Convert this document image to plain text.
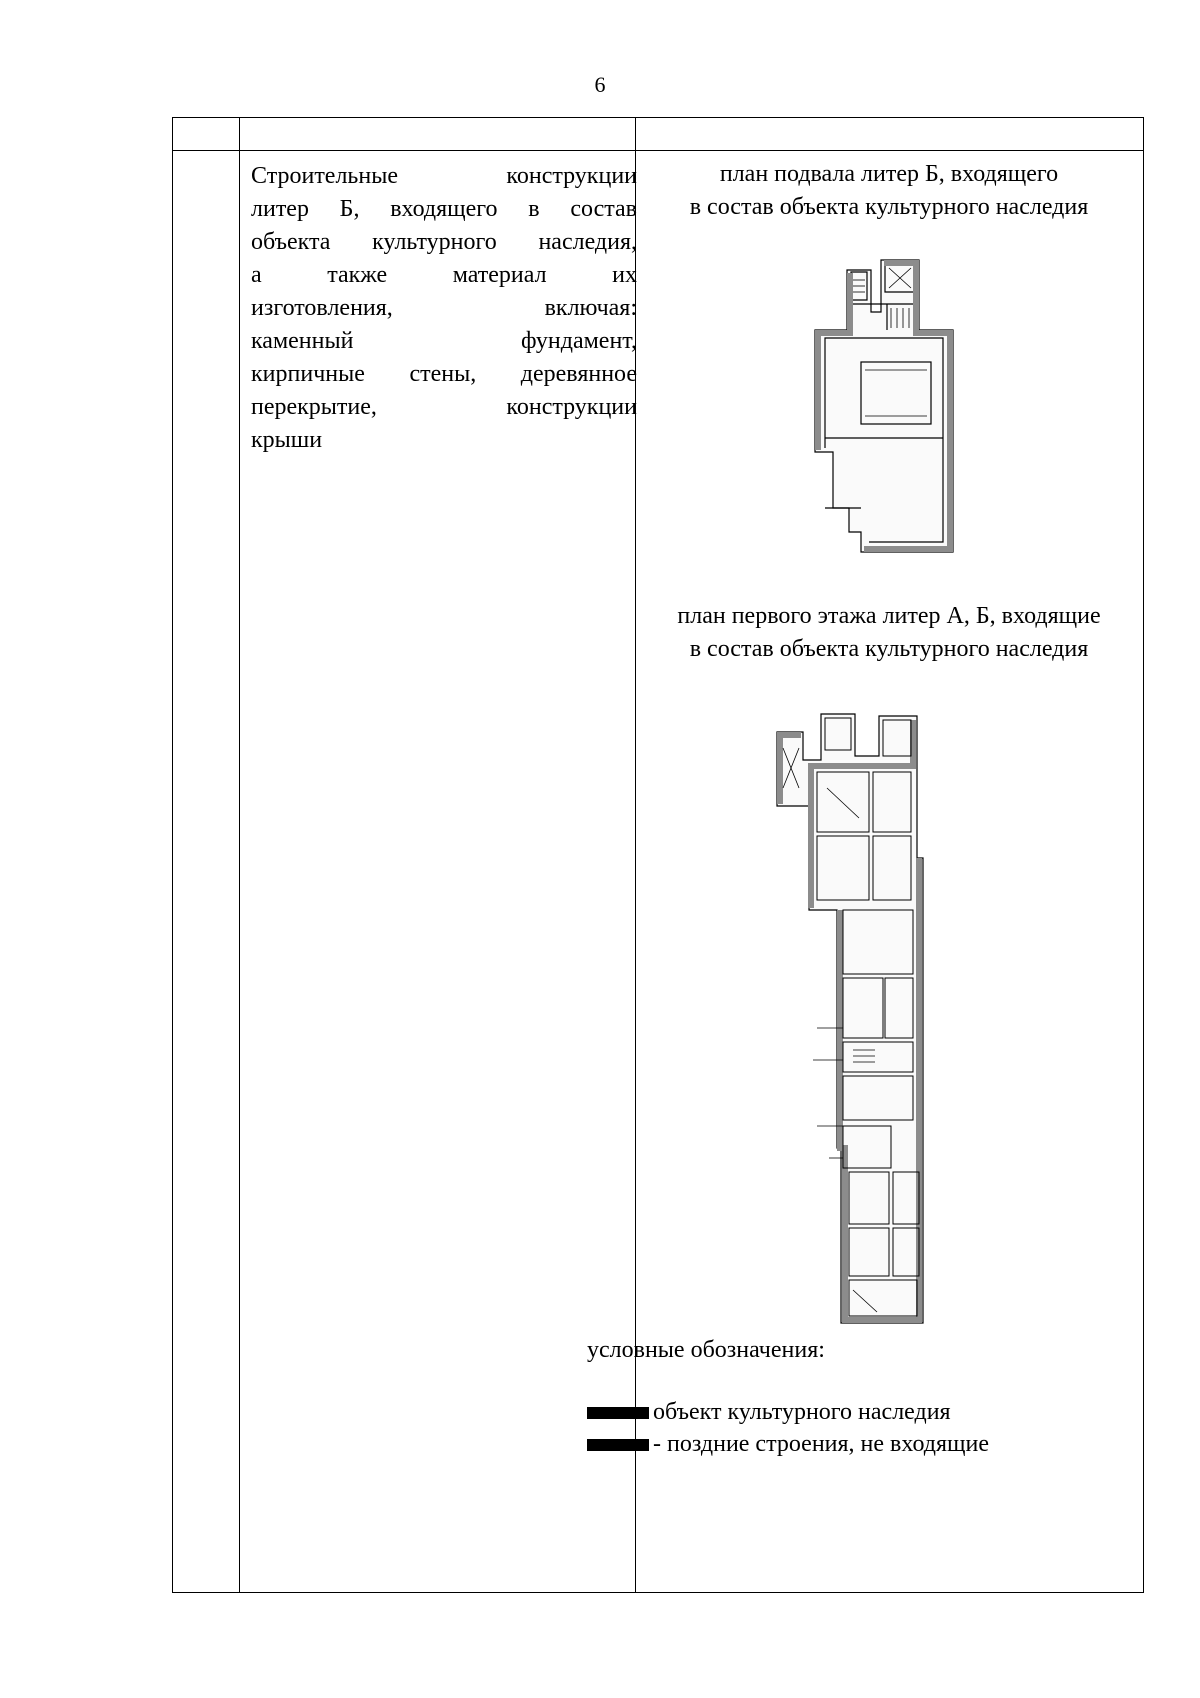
6
Строительные конструкции
литер Б, входящего в состав
объекта культурного наследия,
а также материал их
изготовления, включая:
каменный фундамент,
кирпичные стены, деревянное
перекрытие, конструкции
крыши
план подвала литер Б, входящего
в состав объекта культурного наследия
план первого этажа литер А, Б, входящие
в состав объекта культурного наследия
условные обозначения:
объект культурного наследия
- поздние строения, не входящие
